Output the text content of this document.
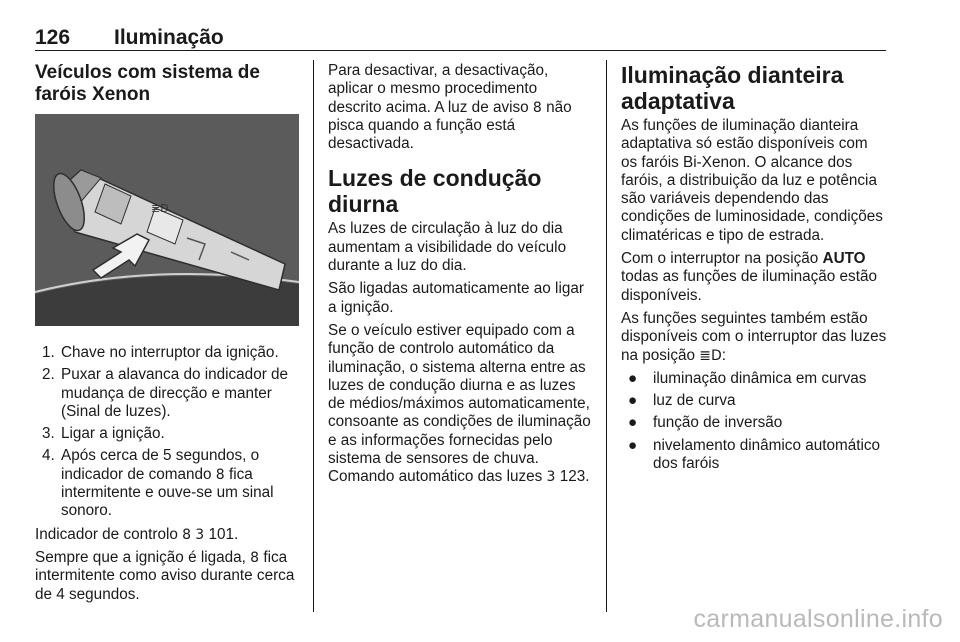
126 Iluminação
Veículos com sistema de faróis Xenon
≣D
1. Chave no interruptor da ignição.
2. Puxar a alavanca do indicador de mudança de direcção e manter (Sinal de luzes).
3. Ligar a ignição.
4. Após cerca de 5 segundos, o indicador de comando 8 fica intermitente e ouve-se um sinal sonoro.

Indicador de controlo 8 3 101.

Sempre que a ignição é ligada, 8 fica intermitente como aviso durante cerca de 4 segundos.

Para desactivar, a desactivação, aplicar o mesmo procedimento descrito acima. A luz de aviso 8 não pisca quando a função está desactivada.

Luzes de condução diurna

As luzes de circulação à luz do dia aumentam a visibilidade do veículo durante a luz do dia.

São ligadas automaticamente ao ligar a ignição.

Se o veículo estiver equipado com a função de controlo automático da iluminação, o sistema alterna entre as luzes de condução diurna e as luzes de médios/máximos automaticamente, consoante as condições de iluminação e as informações fornecidas pelo sistema de sensores de chuva. Comando automático das luzes 3 123.

Iluminação dianteira adaptativa

As funções de iluminação dianteira adaptativa só estão disponíveis com os faróis Bi-Xenon. O alcance dos faróis, a distribuição da luz e potência são variáveis dependendo das condições de luminosidade, condições climatéricas e tipo de estrada.

Com o interruptor na posição AUTO todas as funções de iluminação estão disponíveis.

As funções seguintes também estão disponíveis com o interruptor das luzes na posição ≣D:

● iluminação dinâmica em curvas
● luz de curva
● função de inversão
● nivelamento dinâmico automático dos faróis
carmanualsonline.info
